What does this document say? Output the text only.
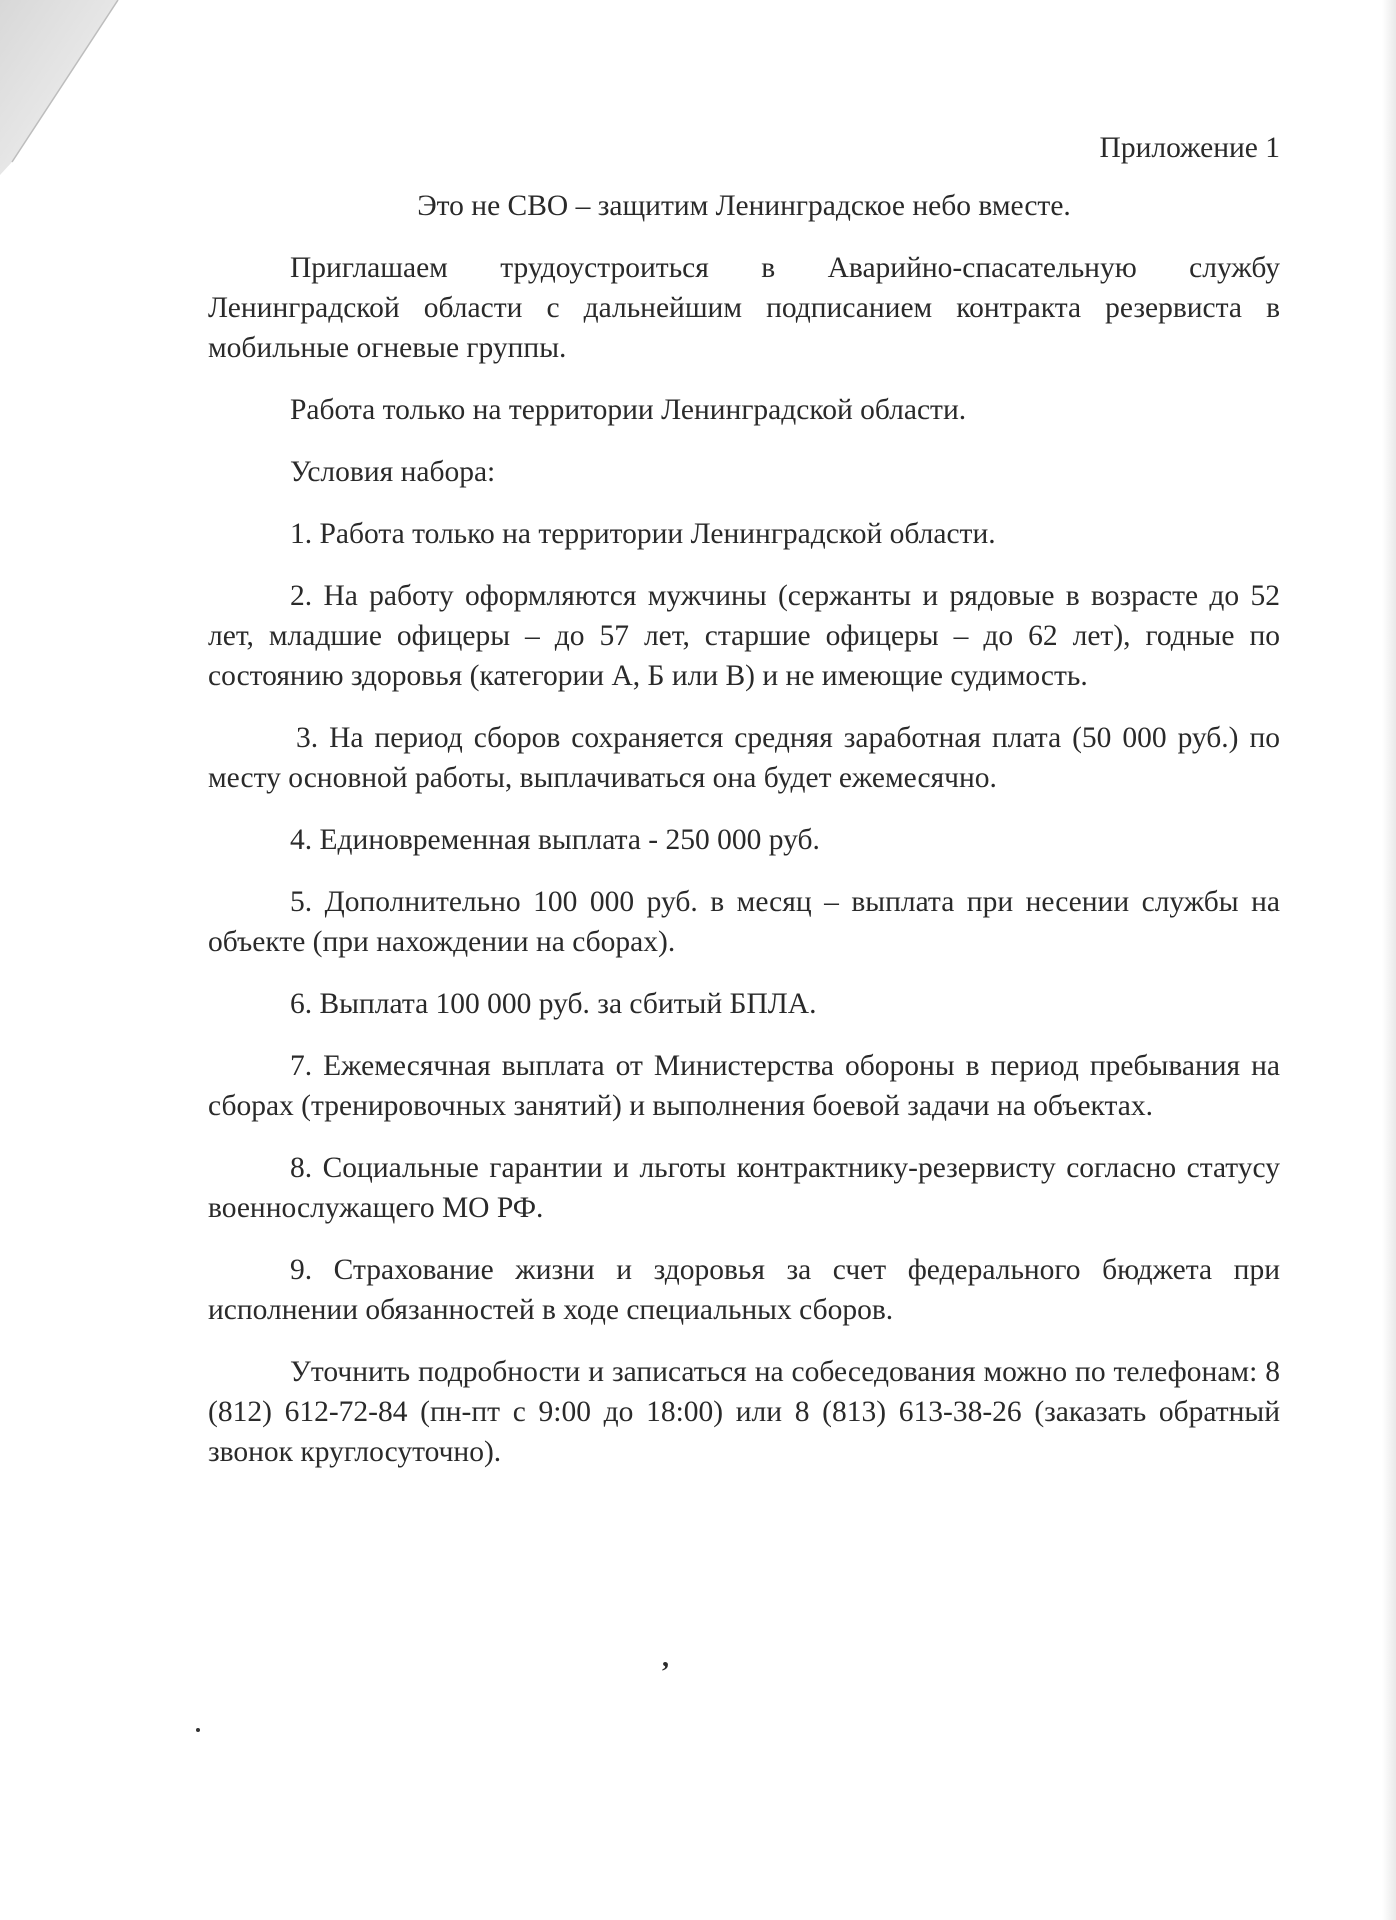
Приложение 1

Это не СВО – защитим Ленинградское небо вместе.

Приглашаем трудоустроиться в Аварийно-спасательную службу Ленинградской области с дальнейшим подписанием контракта резервиста в мобильные огневые группы.

Работа только на территории Ленинградской области.

Условия набора:

1. Работа только на территории Ленинградской области.

2. На работу оформляются мужчины (сержанты и рядовые в возрасте до 52 лет, младшие офицеры – до 57 лет, старшие офицеры – до 62 лет), годные по состоянию здоровья (категории А, Б или В) и не имеющие судимость.

3. На период сборов сохраняется средняя заработная плата (50 000 руб.) по месту основной работы, выплачиваться она будет ежемесячно.

4. Единовременная выплата - 250 000 руб.

5. Дополнительно 100 000 руб. в месяц – выплата при несении службы на объекте (при нахождении на сборах).

6. Выплата 100 000 руб. за сбитый БПЛА.

7. Ежемесячная выплата от Министерства обороны в период пребывания на сборах (тренировочных занятий) и выполнения боевой задачи на объектах.

8. Социальные гарантии и льготы контрактнику-резервисту согласно статусу военнослужащего МО РФ.

9. Страхование жизни и здоровья за счет федерального бюджета при исполнении обязанностей в ходе специальных сборов.

Уточнить подробности и записаться на собеседования можно по телефонам: 8 (812) 612-72-84 (пн-пт с 9:00 до 18:00) или 8 (813) 613-38-26 (заказать обратный звонок круглосуточно).

,
